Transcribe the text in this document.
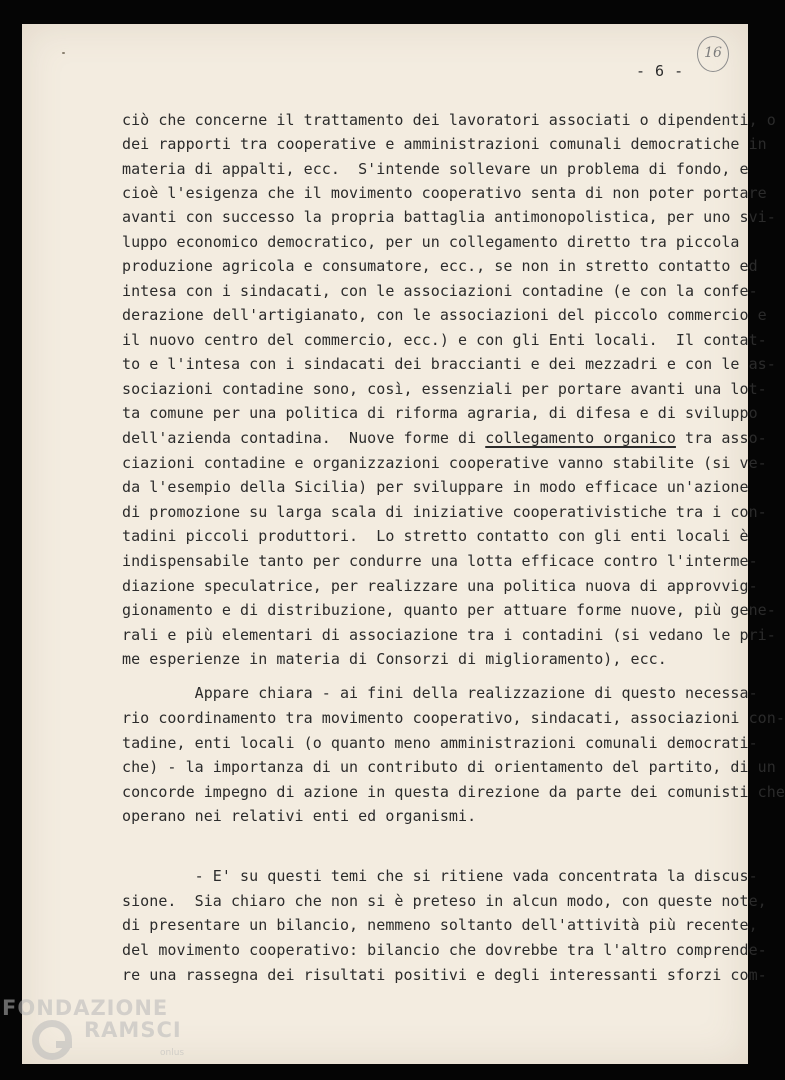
16
- 6 -
ciò che concerne il trattamento dei lavoratori associati o dipendenti, o
dei rapporti tra cooperative e amministrazioni comunali democratiche in
materia di appalti, ecc.  S'intende sollevare un problema di fondo, e
cioè l'esigenza che il movimento cooperativo senta di non poter portare
avanti con successo la propria battaglia antimonopolistica, per uno svi-
luppo economico democratico, per un collegamento diretto tra piccola
produzione agricola e consumatore, ecc., se non in stretto contatto ed
intesa con i sindacati, con le associazioni contadine (e con la confe-
derazione dell'artigianato, con le associazioni del piccolo commercio e
il nuovo centro del commercio, ecc.) e con gli Enti locali.  Il contat-
to e l'intesa con i sindacati dei braccianti e dei mezzadri e con le as-
sociazioni contadine sono, così, essenziali per portare avanti una lot-
ta comune per una politica di riforma agraria, di difesa e di sviluppo
dell'azienda contadina.  Nuove forme di collegamento organico tra asso-
ciazioni contadine e organizzazioni cooperative vanno stabilite (si ve-
da l'esempio della Sicilia) per sviluppare in modo efficace un'azione
di promozione su larga scala di iniziative cooperativistiche tra i con-
tadini piccoli produttori.  Lo stretto contatto con gli enti locali è
indispensabile tanto per condurre una lotta efficace contro l'interme-
diazione speculatrice, per realizzare una politica nuova di approvvig-
gionamento e di distribuzione, quanto per attuare forme nuove, più gene-
rali e più elementari di associazione tra i contadini (si vedano le pri-
me esperienze in materia di Consorzi di miglioramento), ecc.
Appare chiara - ai fini della realizzazione di questo necessa-
rio coordinamento tra movimento cooperativo, sindacati, associazioni con-
tadine, enti locali (o quanto meno amministrazioni comunali democrati-
che) - la importanza di un contributo di orientamento del partito, di un
concorde impegno di azione in questa direzione da parte dei comunisti che
operano nei relativi enti ed organismi.
- E' su questi temi che si ritiene vada concentrata la discus-
sione.  Sia chiaro che non si è preteso in alcun modo, con queste note,
di presentare un bilancio, nemmeno soltanto dell'attività più recente,
del movimento cooperativo: bilancio che dovrebbe tra l'altro comprende-
re una rassegna dei risultati positivi e degli interessanti sforzi com-
FONDAZIONE
RAMSCI
onlus
